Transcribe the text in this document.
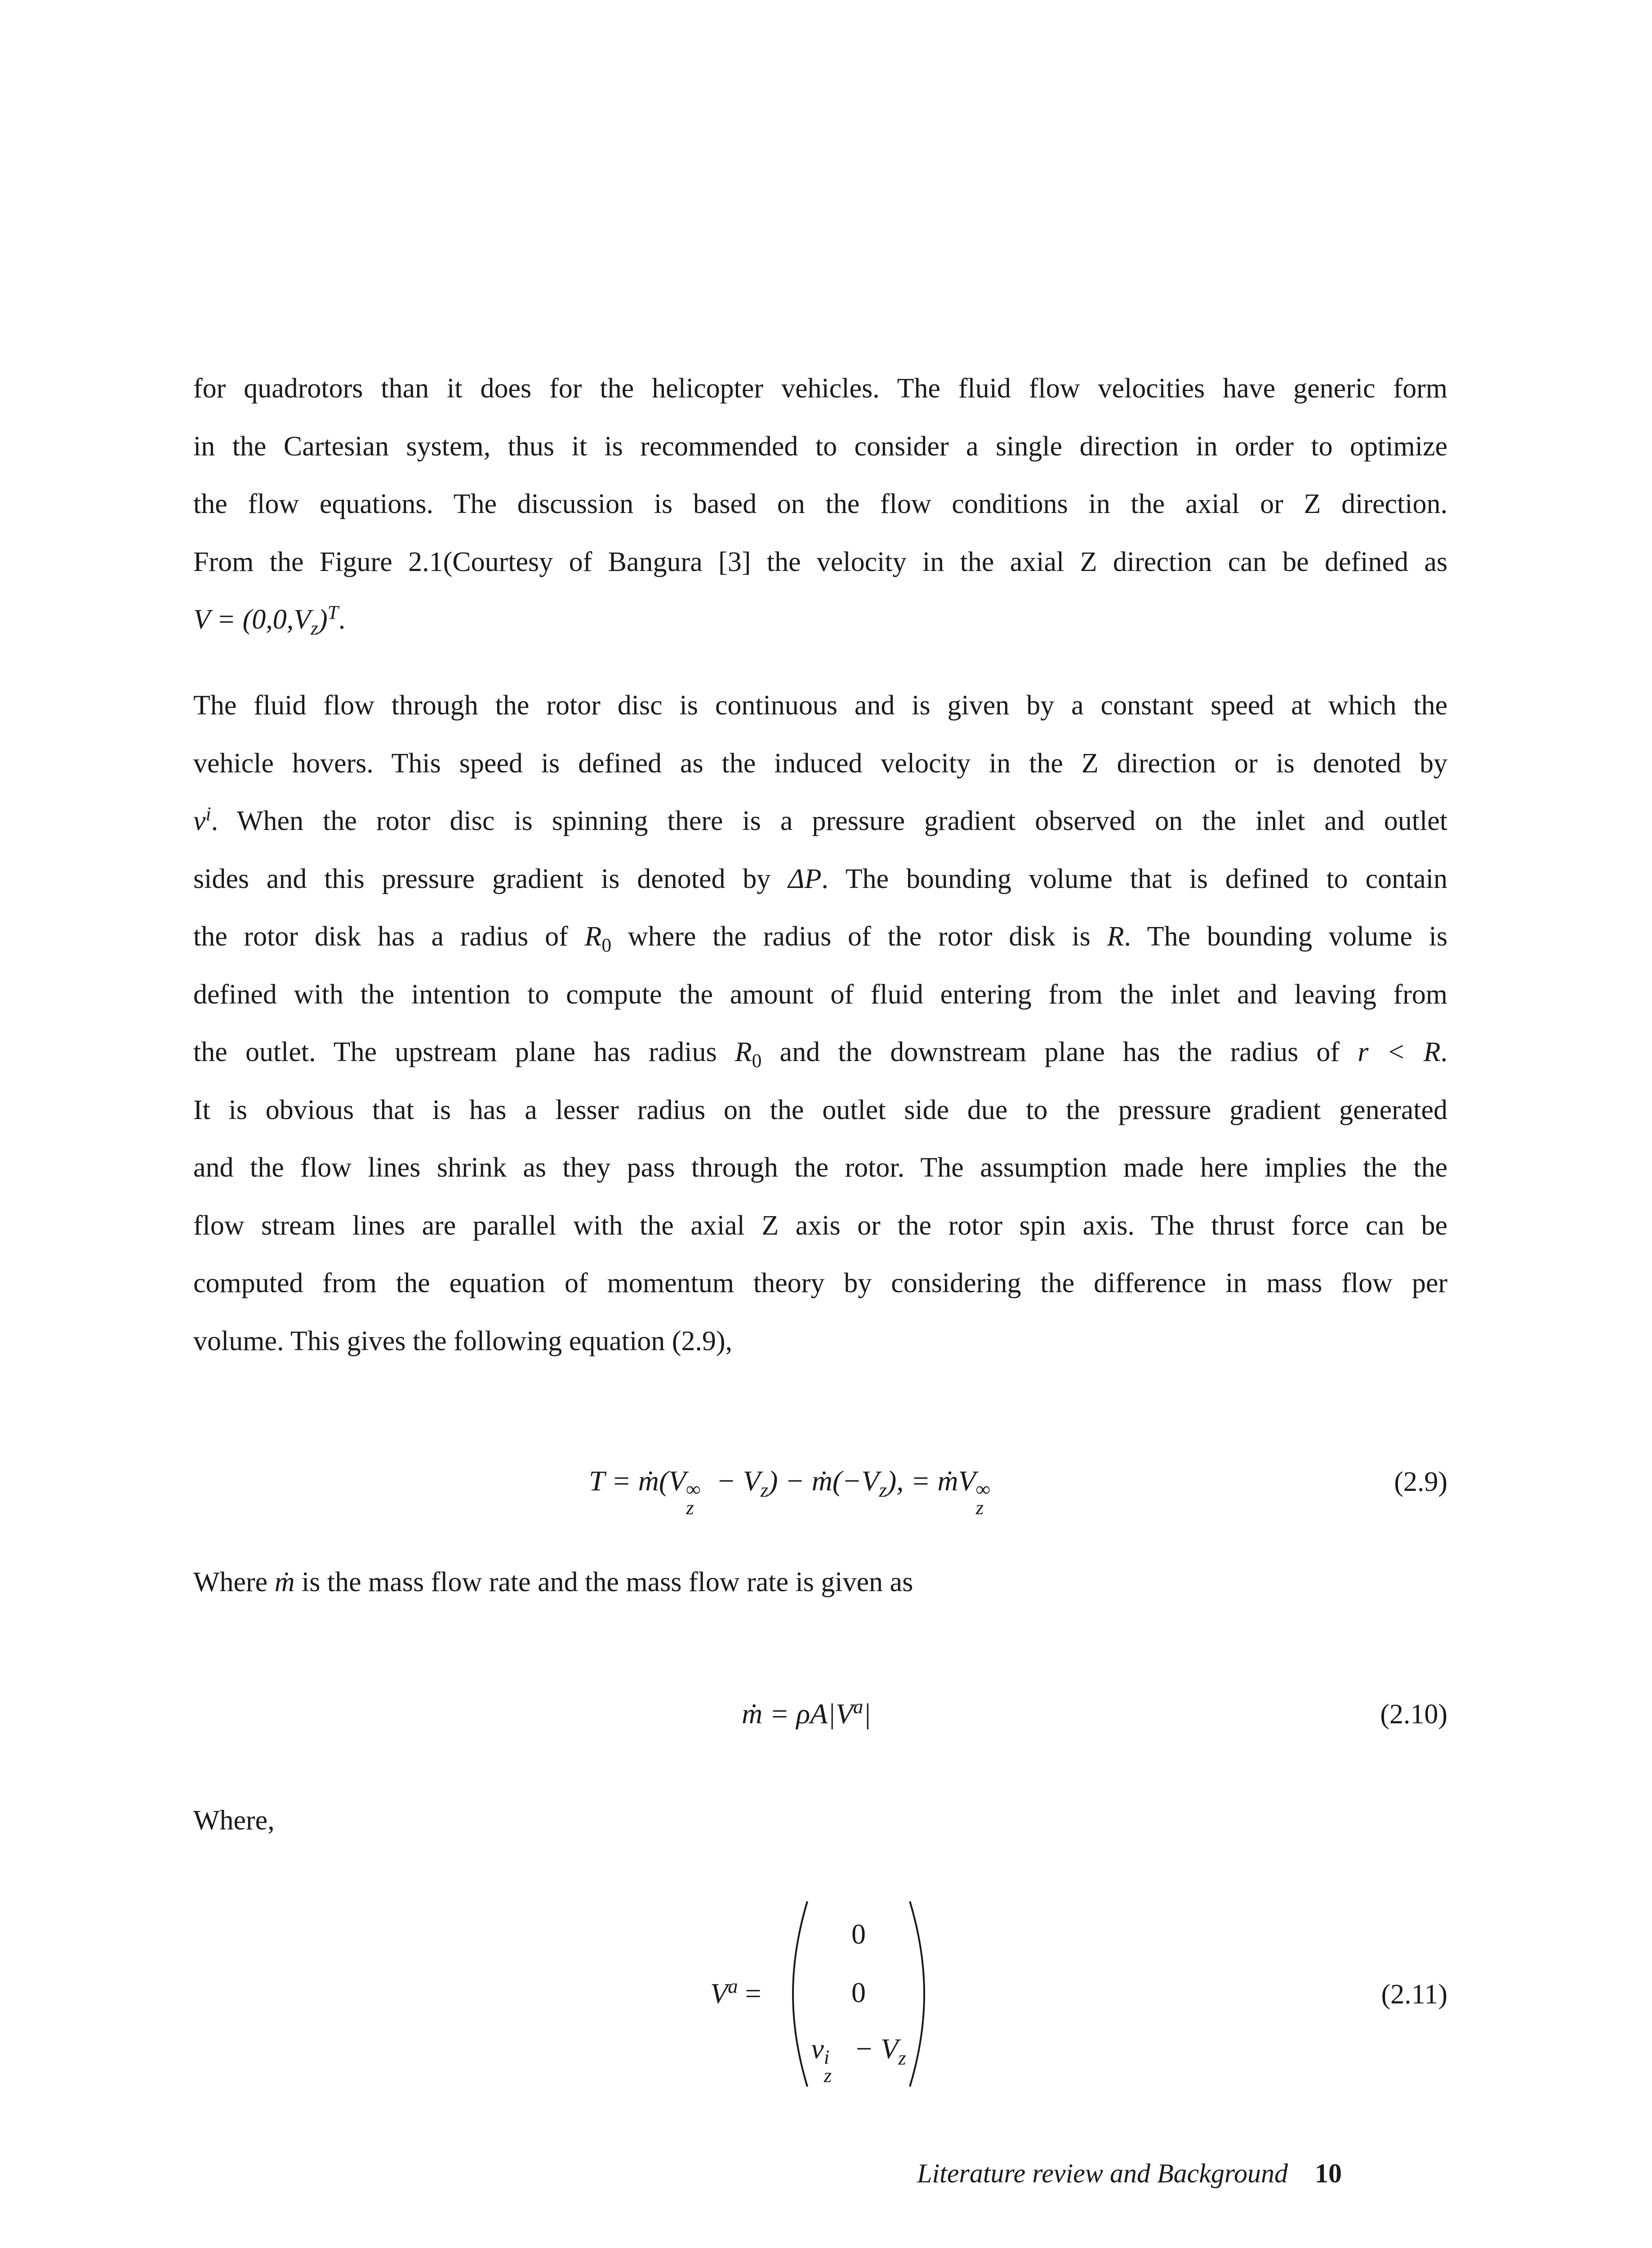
for quadrotors than it does for the helicopter vehicles. The fluid flow velocities have generic form
in the Cartesian system, thus it is recommended to consider a single direction in order to optimize
the flow equations. The discussion is based on the flow conditions in the axial or Z direction.
From the Figure 2.1(Courtesy of Bangura [3] the velocity in the axial Z direction can be defined as
$V = (0,0,V_z)^T$.
The fluid flow through the rotor disc is continuous and is given by a constant speed at which the
vehicle hovers. This speed is defined as the induced velocity in the Z direction or is denoted by
$v^i$. When the rotor disc is spinning there is a pressure gradient observed on the inlet and outlet
sides and this pressure gradient is denoted by ΔP. The bounding volume that is defined to contain
the rotor disk has a radius of $R_0$ where the radius of the rotor disk is R. The bounding volume is
defined with the intention to compute the amount of fluid entering from the inlet and leaving from
the outlet. The upstream plane has radius $R_0$ and the downstream plane has the radius of r < R.
It is obvious that is has a lesser radius on the outlet side due to the pressure gradient generated
and the flow lines shrink as they pass through the rotor. The assumption made here implies the the
flow stream lines are parallel with the axial Z axis or the rotor spin axis. The thrust force can be
computed from the equation of momentum theory by considering the difference in mass flow per
volume. This gives the following equation (2.9),
T = ṁ(V ∞
z
− $V_z$) − $ṁ(-V_z)$, = ṁV ∞
z
(2.9)
Where ṁ is the mass flow rate and the mass flow rate is given as
ṁ = $\rho A|V^a|$	(2.10)
Where,
$V^a$ =
0
0
v i
z
− $V_z$
(2.11)
Literature review and Background 10
